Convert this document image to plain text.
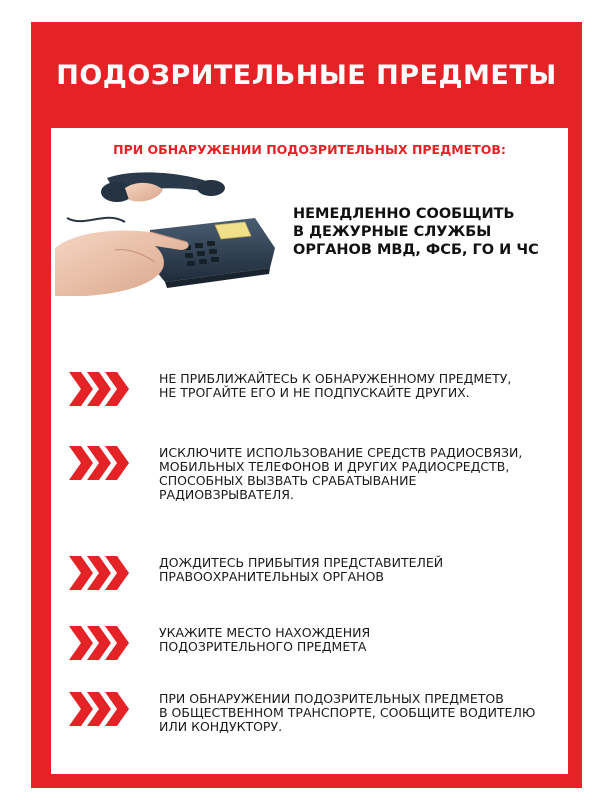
ПОДОЗРИТЕЛЬНЫЕ ПРЕДМЕТЫ
ПРИ ОБНАРУЖЕНИИ ПОДОЗРИТЕЛЬНЫХ ПРЕДМЕТОВ:
НЕМЕДЛЕННО СООБЩИТЬ
В ДЕЖУРНЫЕ СЛУЖБЫ
ОРГАНОВ МВД, ФСБ, ГО И ЧС
НЕ ПРИБЛИЖАЙТЕСЬ К ОБНАРУЖЕННОМУ ПРЕДМЕТУ,
НЕ ТРОГАЙТЕ ЕГО И НЕ ПОДПУСКАЙТЕ ДРУГИХ.
ИСКЛЮЧИТЕ ИСПОЛЬЗОВАНИЕ СРЕДСТВ РАДИОСВЯЗИ,
МОБИЛЬНЫХ ТЕЛЕФОНОВ И ДРУГИХ РАДИОСРЕДСТВ,
СПОСОБНЫХ ВЫЗВАТЬ СРАБАТЫВАНИЕ
РАДИОВЗРЫВАТЕЛЯ.
ДОЖДИТЕСЬ ПРИБЫТИЯ ПРЕДСТАВИТЕЛЕЙ
ПРАВООХРАНИТЕЛЬНЫХ ОРГАНОВ
УКАЖИТЕ МЕСТО НАХОЖДЕНИЯ
ПОДОЗРИТЕЛЬНОГО ПРЕДМЕТА
ПРИ ОБНАРУЖЕНИИ ПОДОЗРИТЕЛЬНЫХ ПРЕДМЕТОВ
В ОБЩЕСТВЕННОМ ТРАНСПОРТЕ, СООБЩИТЕ ВОДИТЕЛЮ
ИЛИ КОНДУКТОРУ.
